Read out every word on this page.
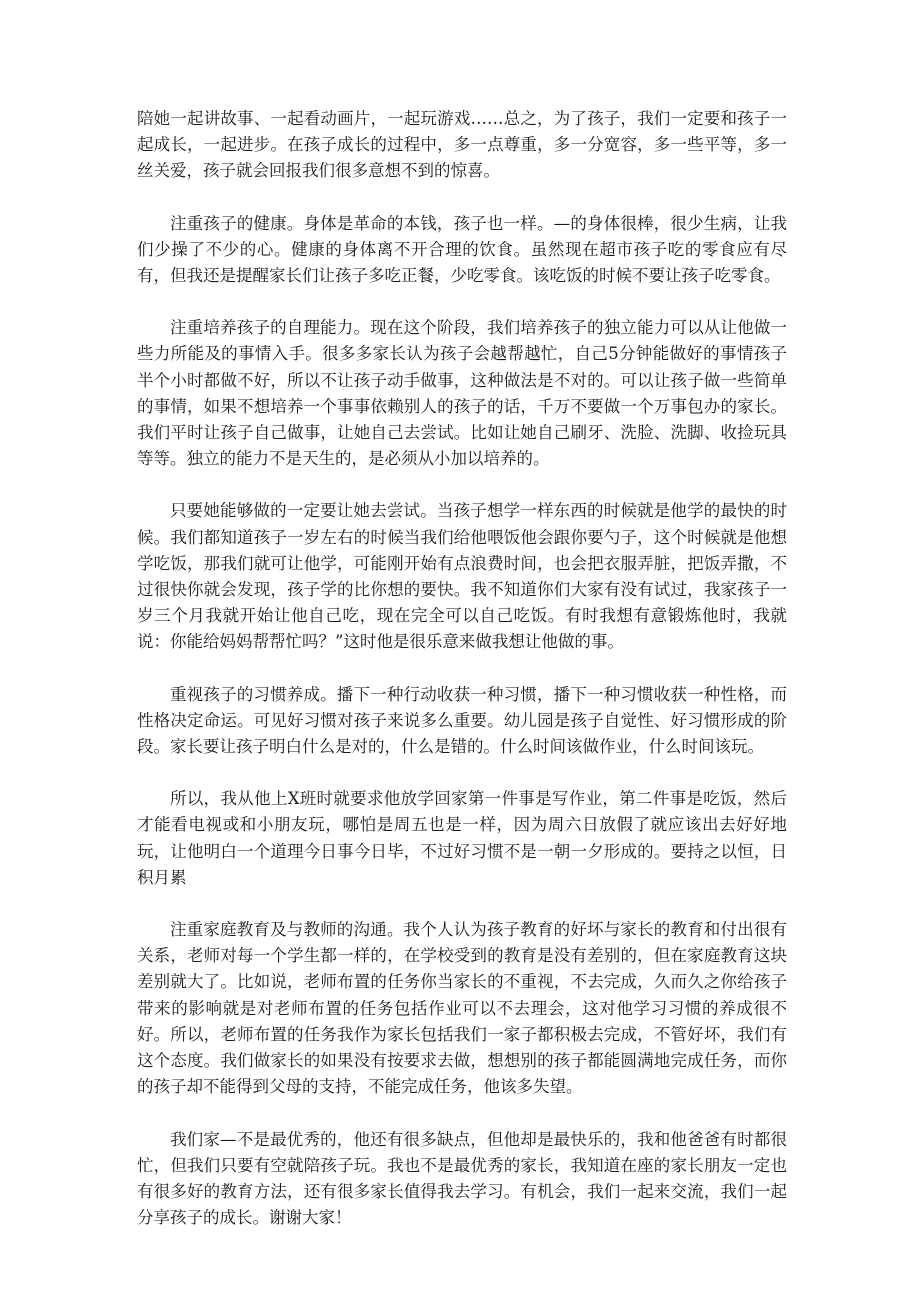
陪她一起讲故事、一起看动画片，一起玩游戏……总之，为了孩子，我们一定要和孩子一起成长，一起进步。在孩子成长的过程中，多一点尊重，多一分宽容，多一些平等，多一丝关爱，孩子就会回报我们很多意想不到的惊喜。

注重孩子的健康。身体是革命的本钱，孩子也一样。—的身体很棒，很少生病，让我们少操了不少的心。健康的身体离不开合理的饮食。虽然现在超市孩子吃的零食应有尽有，但我还是提醒家长们让孩子多吃正餐，少吃零食。该吃饭的时候不要让孩子吃零食。

注重培养孩子的自理能力。现在这个阶段，我们培养孩子的独立能力可以从让他做一些力所能及的事情入手。很多多家长认为孩子会越帮越忙，自己5分钟能做好的事情孩子半个小时都做不好，所以不让孩子动手做事，这种做法是不对的。可以让孩子做一些简单的事情，如果不想培养一个事事依赖别人的孩子的话，千万不要做一个万事包办的家长。我们平时让孩子自己做事，让她自己去尝试。比如让她自己刷牙、洗脸、洗脚、收捡玩具等等。独立的能力不是天生的，是必须从小加以培养的。

只要她能够做的一定要让她去尝试。当孩子想学一样东西的时候就是他学的最快的时候。我们都知道孩子一岁左右的时候当我们给他喂饭他会跟你要勺子，这个时候就是他想学吃饭，那我们就可让他学，可能刚开始有点浪费时间，也会把衣服弄脏，把饭弄撒，不过很快你就会发现，孩子学的比你想的要快。我不知道你们大家有没有试过，我家孩子一岁三个月我就开始让他自己吃，现在完全可以自己吃饭。有时我想有意锻炼他时，我就说：你能给妈妈帮帮忙吗？”这时他是很乐意来做我想让他做的事。

重视孩子的习惯养成。播下一种行动收获一种习惯，播下一种习惯收获一种性格，而性格决定命运。可见好习惯对孩子来说多么重要。幼儿园是孩子自觉性、好习惯形成的阶段。家长要让孩子明白什么是对的，什么是错的。什么时间该做作业，什么时间该玩。

所以，我从他上X班时就要求他放学回家第一件事是写作业，第二件事是吃饭，然后才能看电视或和小朋友玩，哪怕是周五也是一样，因为周六日放假了就应该出去好好地玩，让他明白一个道理今日事今日毕，不过好习惯不是一朝一夕形成的。要持之以恒，日积月累

注重家庭教育及与教师的沟通。我个人认为孩子教育的好坏与家长的教育和付出很有关系，老师对每一个学生都一样的，在学校受到的教育是没有差别的，但在家庭教育这块差别就大了。比如说，老师布置的任务你当家长的不重视，不去完成，久而久之你给孩子带来的影响就是对老师布置的任务包括作业可以不去理会，这对他学习习惯的养成很不好。所以，老师布置的任务我作为家长包括我们一家子都积极去完成，不管好坏，我们有这个态度。我们做家长的如果没有按要求去做，想想别的孩子都能圆满地完成任务，而你的孩子却不能得到父母的支持，不能完成任务，他该多失望。

我们家—不是最优秀的，他还有很多缺点，但他却是最快乐的，我和他爸爸有时都很忙，但我们只要有空就陪孩子玩。我也不是最优秀的家长，我知道在座的家长朋友一定也有很多好的教育方法，还有很多家长值得我去学习。有机会，我们一起来交流，我们一起分享孩子的成长。谢谢大家！
